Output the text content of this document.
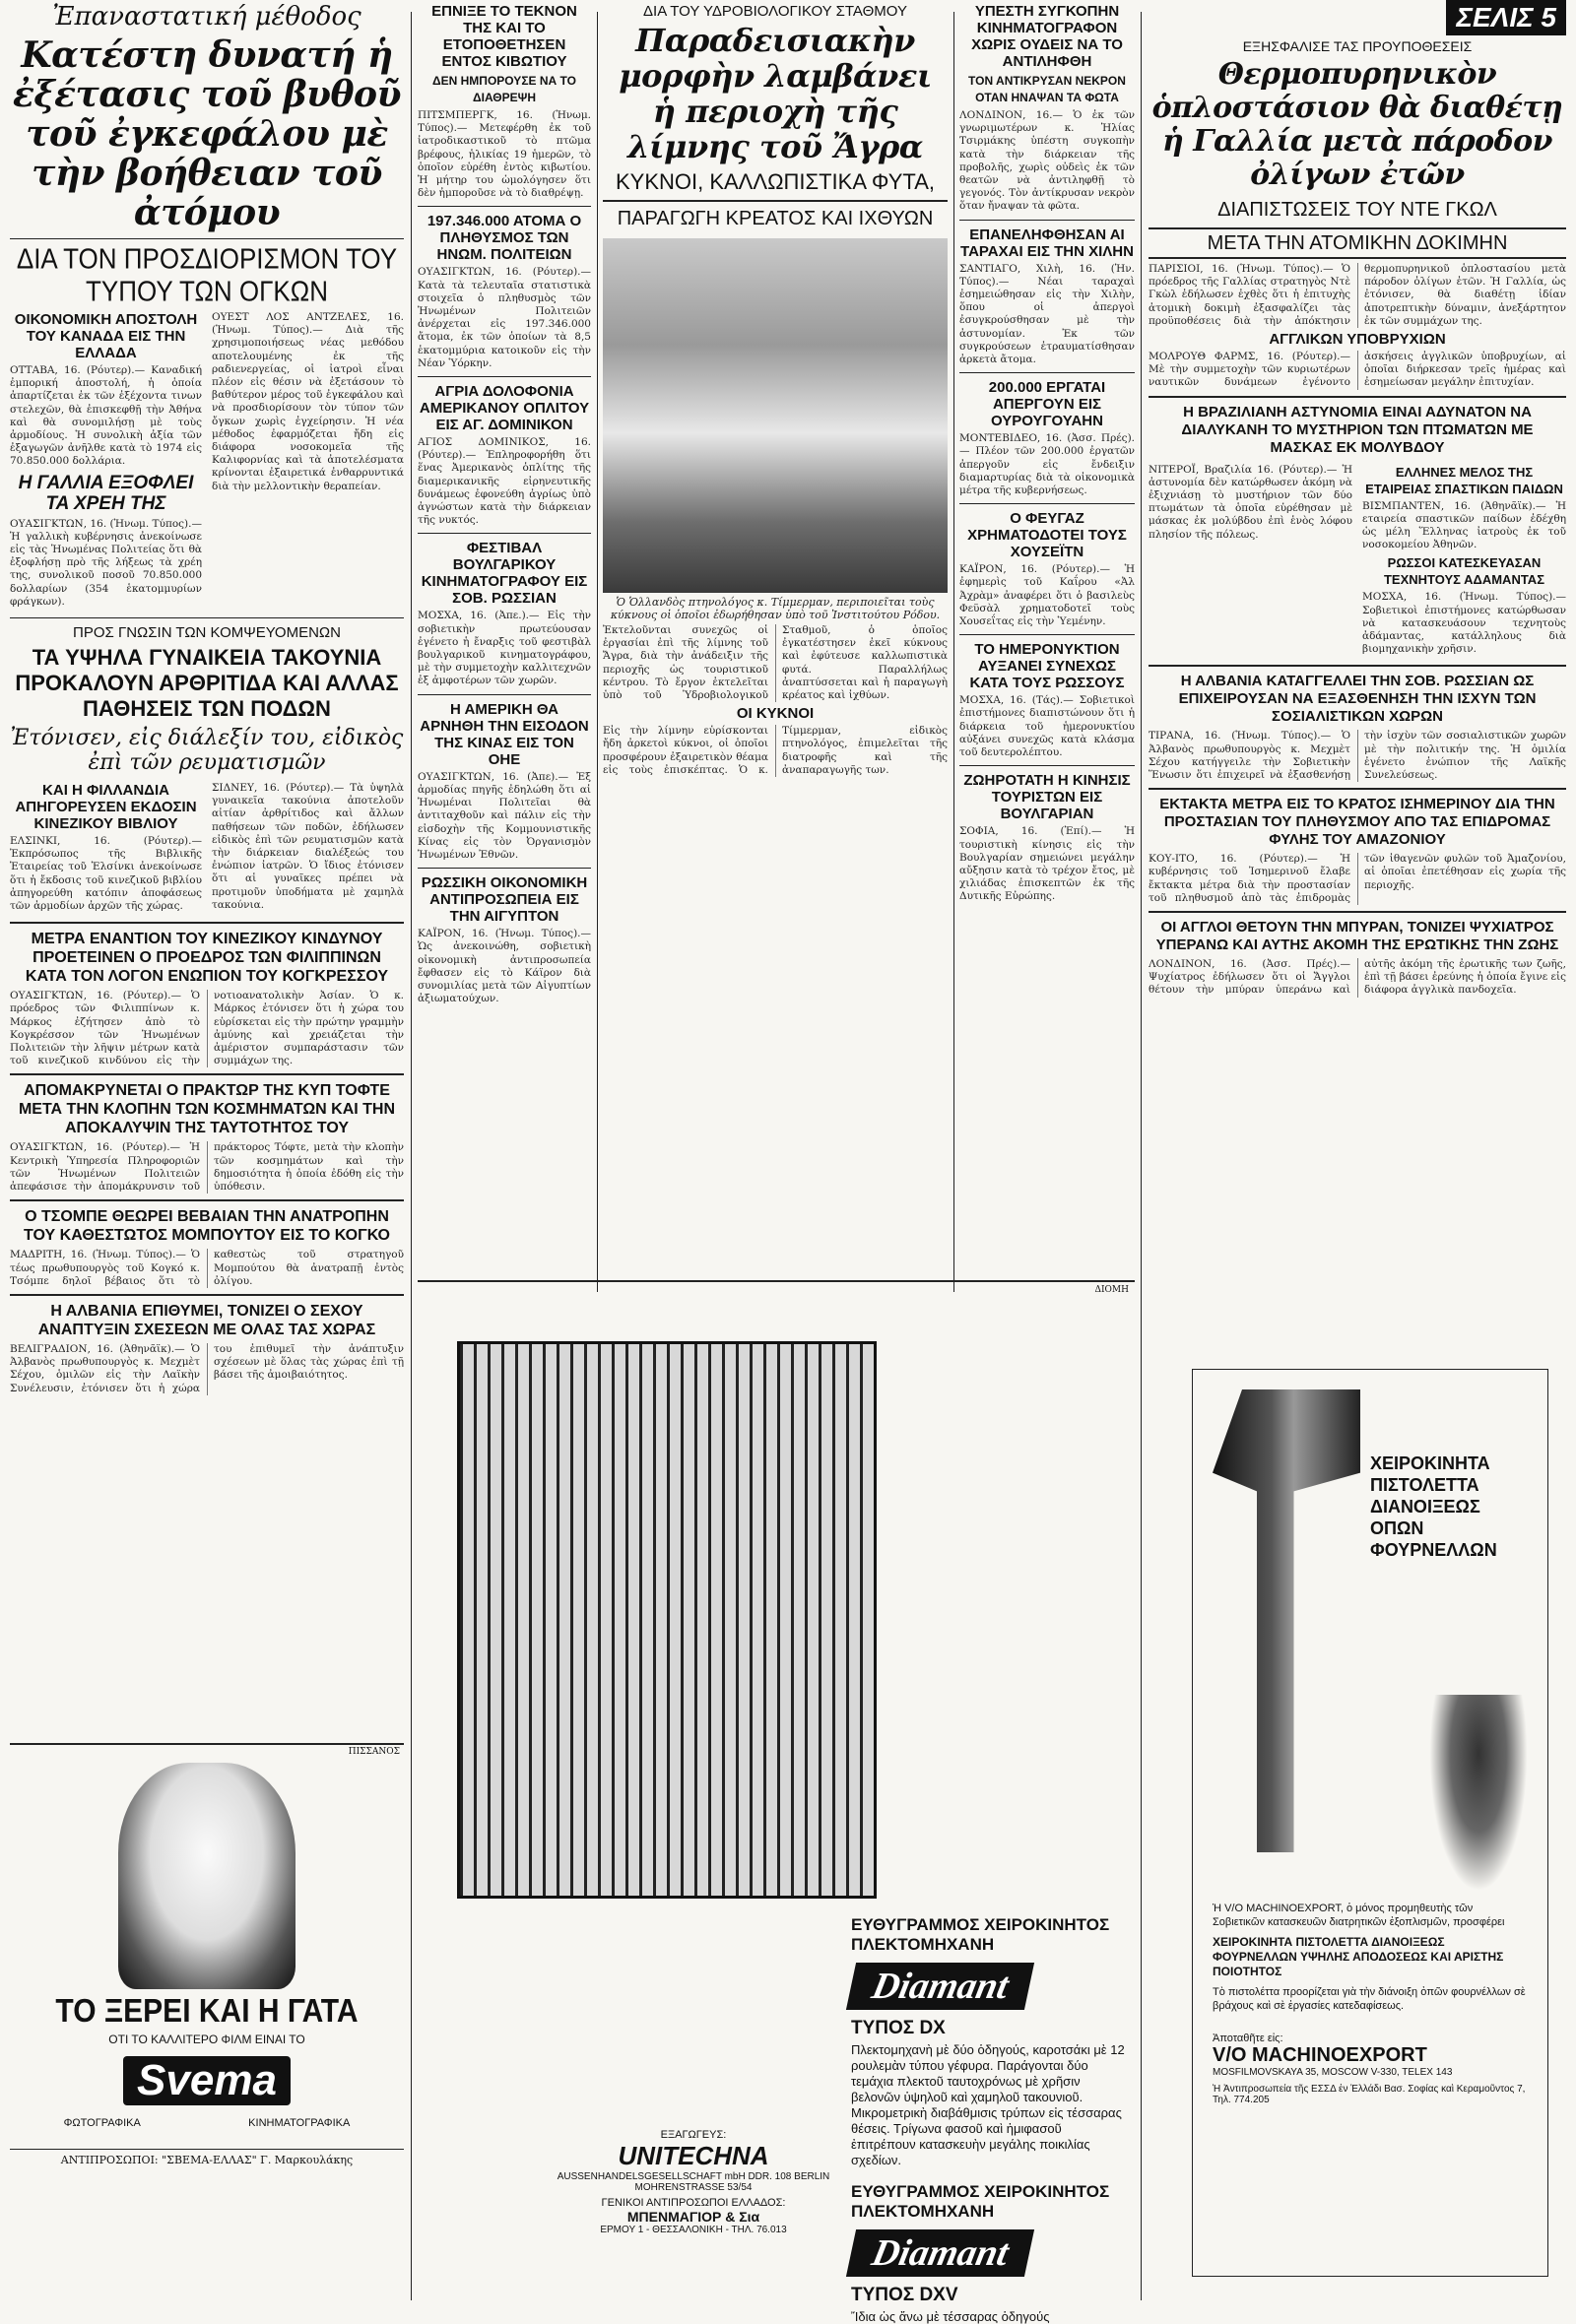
Ἐπαναστατική μέθοδος
Κατέστη δυνατή ἡ ἐξέτασις τοῦ βυθοῦ τοῦ ἐγκεφάλου μὲ τὴν βοήθειαν τοῦ ἀτόμου
ΔΙΑ ΤΟΝ ΠΡΟΣΔΙΟΡΙΣΜΟΝ ΤΟΥ ΤΥΠΟΥ ΤΩΝ ΟΓΚΩΝ
ΟΙΚΟΝΟΜΙΚΗ ΑΠΟΣΤΟΛΗ ΤΟΥ ΚΑΝΑΔΑ ΕΙΣ ΤΗΝ ΕΛΛΑΔΑ
ΟΤΤΑΒΑ, 16. (Ρόυτερ).— Καναδική ἐμπορική ἀποστολή, ἡ ὁποία ἀπαρτίζεται ἐκ τῶν ἐξέχοντα τινων στελεχῶν, θὰ ἐπισκεφθῇ τὴν Ἀθήνα καὶ θὰ συνομιλήσῃ μὲ τοὺς ἀρμοδίους. Ἡ συνολικὴ ἀξία τῶν ἐξαγωγῶν ἀνῆλθε κατὰ τὸ 1974 εἰς 70.850.000 δολλάρια.
Η ΓΑΛΛΙΑ ΕΞΟΦΛΕΙ ΤΑ ΧΡΕΗ ΤΗΣ
ΟΥΑΣΙΓΚΤΩΝ, 16. (Ἡνωμ. Τύπος).— Ἡ γαλλικὴ κυβέρνησις ἀνεκοίνωσε εἰς τὰς Ἡνωμένας Πολιτείας ὅτι θὰ ἐξοφλήσῃ πρὸ τῆς λήξεως τὰ χρέη της, συνολικοῦ ποσοῦ 70.850.000 δολλαρίων (354 ἑκατομμυρίων φράγκων).
ΟΥΕΣΤ ΛΟΣ ΑΝΤΖΕΛΕΣ, 16. (Ἡνωμ. Τύπος).— Διὰ τῆς χρησιμοποιήσεως νέας μεθόδου αποτελουμένης ἐκ τῆς ραδιενεργείας, οἱ ἰατροὶ εἶναι πλέον εἰς θέσιν νὰ ἐξετάσουν τὸ βαθύτερον μέρος τοῦ ἐγκεφάλου καὶ νὰ προσδιορίσουν τὸν τύπον τῶν ὄγκων χωρὶς ἐγχείρησιν. Ἡ νέα μέθοδος ἐφαρμόζεται ἤδη εἰς διάφορα νοσοκομεῖα τῆς Καλιφορνίας καὶ τὰ ἀποτελέσματα κρίνονται ἐξαιρετικά ἐνθαρρυντικά διὰ τὴν μελλοντικὴν θεραπείαν.
ΠΡΟΣ ΓΝΩΣΙΝ ΤΩΝ ΚΟΜΨΕΥΟΜΕΝΩΝ
ΤΑ ΥΨΗΛΑ ΓΥΝΑΙΚΕΙΑ ΤΑΚΟΥΝΙΑ ΠΡΟΚΑΛΟΥΝ ΑΡΘΡΙΤΙΔΑ ΚΑΙ ΑΛΛΑΣ ΠΑΘΗΣΕΙΣ ΤΩΝ ΠΟΔΩΝ
Ἐτόνισεν, εἰς διάλεξίν του, εἰδικὸς ἐπὶ τῶν ρευματισμῶν
ΚΑΙ Η ΦΙΛΛΑΝΔΙΑ ΑΠΗΓΟΡΕΥΣΕΝ ΕΚΔΟΣΙΝ ΚΙΝΕΖΙΚΟΥ ΒΙΒΛΙΟΥ
ΕΛΣΙΝΚΙ, 16. (Ρόυτερ).— Ἐκπρόσωπος τῆς Βιβλικῆς Ἑταιρείας τοῦ Ἑλσίνκι ἀνεκοίνωσε ὅτι ἡ ἔκδοσις τοῦ κινεζικοῦ βιβλίου ἀπηγορεύθη κατόπιν ἀποφάσεως τῶν ἀρμοδίων ἀρχῶν τῆς χώρας.
ΣΙΔΝΕΥ, 16. (Ρόυτερ).— Τὰ ὑψηλὰ γυναικεῖα τακούνια ἀποτελοῦν αἰτίαν ἀρθρίτιδος καὶ ἄλλων παθήσεων τῶν ποδῶν, ἐδήλωσεν εἰδικὸς ἐπὶ τῶν ρευματισμῶν κατὰ τὴν διάρκειαν διαλέξεώς του ἐνώπιον ἰατρῶν. Ὁ ἴδιος ἐτόνισεν ὅτι αἱ γυναῖκες πρέπει νὰ προτιμοῦν ὑποδήματα μὲ χαμηλὰ τακούνια.
ΜΕΤΡΑ ΕΝΑΝΤΙΟΝ ΤΟΥ ΚΙΝΕΖΙΚΟΥ ΚΙΝΔΥΝΟΥ ΠΡΟΕΤΕΙΝΕΝ Ο ΠΡΟΕΔΡΟΣ ΤΩΝ ΦΙΛΙΠΠΙΝΩΝ ΚΑΤΑ ΤΟΝ ΛΟΓΟΝ ΕΝΩΠΙΟΝ ΤΟΥ ΚΟΓΚΡΕΣΣΟΥ
ΟΥΑΣΙΓΚΤΩΝ, 16. (Ρόυτερ).— Ὁ πρόεδρος τῶν Φιλιππίνων κ. Μάρκος ἐζήτησεν ἀπὸ τὸ Κογκρέσσον τῶν Ἡνωμένων Πολιτειῶν τὴν λῆψιν μέτρων κατὰ τοῦ κινεζικοῦ κινδύνου εἰς τὴν νοτιοανατολικὴν Ἀσίαν. Ὁ κ. Μάρκος ἐτόνισεν ὅτι ἡ χώρα του εὑρίσκεται εἰς τὴν πρώτην γραμμὴν ἀμύνης καὶ χρειάζεται τὴν ἀμέριστον συμπαράστασιν τῶν συμμάχων της.
ΑΠΟΜΑΚΡΥΝΕΤΑΙ Ο ΠΡΑΚΤΩΡ ΤΗΣ ΚΥΠ ΤΟΦΤΕ ΜΕΤΑ ΤΗΝ ΚΛΟΠΗΝ ΤΩΝ ΚΟΣΜΗΜΑΤΩΝ ΚΑΙ ΤΗΝ ΑΠΟΚΑΛΥΨΙΝ ΤΗΣ ΤΑΥΤΟΤΗΤΟΣ ΤΟΥ
ΟΥΑΣΙΓΚΤΩΝ, 16. (Ρόυτερ).— Ἡ Κεντρικὴ Ὑπηρεσία Πληροφοριῶν τῶν Ἡνωμένων Πολιτειῶν ἀπεφάσισε τὴν ἀπομάκρυνσιν τοῦ πράκτορος Τόφτε, μετὰ τὴν κλοπὴν τῶν κοσμημάτων καὶ τὴν δημοσιότητα ἡ ὁποία ἐδόθη εἰς τὴν ὑπόθεσιν.
Ο ΤΣΟΜΠΕ ΘΕΩΡΕΙ ΒΕΒΑΙΑΝ ΤΗΝ ΑΝΑΤΡΟΠΗΝ ΤΟΥ ΚΑΘΕΣΤΩΤΟΣ ΜΟΜΠΟΥΤΟΥ ΕΙΣ ΤΟ ΚΟΓΚΟ
ΜΑΔΡΙΤΗ, 16. (Ἡνωμ. Τύπος).— Ὁ τέως πρωθυπουργὸς τοῦ Κογκό κ. Τσόμπε δηλοῖ βέβαιος ὅτι τὸ καθεστὼς τοῦ στρατηγοῦ Μομπούτου θὰ ἀνατραπῇ ἐντὸς ὀλίγου.
Η ΑΛΒΑΝΙΑ ΕΠΙΘΥΜΕΙ, ΤΟΝΙΖΕΙ Ο ΣΕΧΟΥ ΑΝΑΠΤΥΞΙΝ ΣΧΕΣΕΩΝ ΜΕ ΟΛΑΣ ΤΑΣ ΧΩΡΑΣ
ΒΕΛΙΓΡΑΔΙΟΝ, 16. (Ἀθηνᾶϊκ).— Ὁ Ἀλβανὸς πρωθυπουργὸς κ. Μεχμὲτ Σέχου, ὁμιλῶν εἰς τὴν Λαϊκὴν Συνέλευσιν, ἐτόνισεν ὅτι ἡ χώρα του ἐπιθυμεῖ τὴν ἀνάπτυξιν σχέσεων μὲ ὅλας τὰς χώρας ἐπὶ τῇ βάσει τῆς ἀμοιβαιότητος.
ΠΙΣΣΑΝΟΣ
ΤΟ ΞΕΡΕΙ ΚΑΙ Η ΓΑΤΑ
ΟΤΙ ΤΟ ΚΑΛΛΙΤΕΡΟ ΦΙΛΜ ΕΙΝΑΙ ΤΟ
Svema
ΦΩΤΟΓΡΑΦΙΚΑ	ΚΙΝΗΜΑΤΟΓΡΑΦΙΚΑ
ΑΝΤΙΠΡΟΣΩΠΟΙ: "ΣΒΕΜΑ-ΕΛΛΑΣ" Γ. Μαρκουλάκης
ΕΠΝΙΞΕ ΤΟ ΤΕΚΝΟΝ ΤΗΣ ΚΑΙ ΤΟ ΕΤΟΠΟΘΕΤΗΣΕΝ ΕΝΤΟΣ ΚΙΒΩΤΙΟΥ
ΔΕΝ ΗΜΠΟΡΟΥΣΕ ΝΑ ΤΟ ΔΙΑΘΡΕΨΗ
ΠΙΤΣΜΠΕΡΓΚ, 16. (Ἡνωμ. Τύπος).— Μετεφέρθη ἐκ τοῦ ἰατροδικαστικοῦ τὸ πτῶμα βρέφους, ἡλικίας 19 ἡμερῶν, τὸ ὁποῖον εὑρέθη ἐντὸς κιβωτίου. Ἡ μήτηρ του ὡμολόγησεν ὅτι δὲν ἠμποροῦσε νὰ τὸ διαθρέψῃ.
197.346.000 ΑΤΟΜΑ Ο ΠΛΗΘΥΣΜΟΣ ΤΩΝ ΗΝΩΜ. ΠΟΛΙΤΕΙΩΝ
ΟΥΑΣΙΓΚΤΩΝ, 16. (Ρόυτερ).— Κατὰ τὰ τελευταῖα στατιστικὰ στοιχεῖα ὁ πληθυσμὸς τῶν Ἡνωμένων Πολιτειῶν ἀνέρχεται εἰς 197.346.000 ἄτομα, ἐκ τῶν ὁποίων τὰ 8,5 ἑκατομμύρια κατοικοῦν εἰς τὴν Νέαν Ὑόρκην.
ΑΓΡΙΑ ΔΟΛΟΦΟΝΙΑ ΑΜΕΡΙΚΑΝΟΥ ΟΠΛΙΤΟΥ ΕΙΣ ΑΓ. ΔΟΜΙΝΙΚΟΝ
ΑΓΙΟΣ ΔΟΜΙΝΙΚΟΣ, 16. (Ρόυτερ).— Ἐπληροφορήθη ὅτι ἕνας Ἀμερικανὸς ὁπλίτης τῆς διαμερικανικῆς εἰρηνευτικῆς δυνάμεως ἐφονεύθη ἀγρίως ὑπὸ ἀγνώστων κατὰ τὴν διάρκειαν τῆς νυκτός.
ΦΕΣΤΙΒΑΛ ΒΟΥΛΓΑΡΙΚΟΥ ΚΙΝΗΜΑΤΟΓΡΑΦΟΥ ΕΙΣ ΣΟΒ. ΡΩΣΣΙΑΝ
ΜΟΣΧΑ, 16. (Ἀπε.).— Εἰς τὴν σοβιετικὴν πρωτεύουσαν ἐγένετο ἡ ἔναρξις τοῦ φεστιβὰλ βουλγαρικοῦ κινηματογράφου, μὲ τὴν συμμετοχὴν καλλιτεχνῶν ἐξ ἀμφοτέρων τῶν χωρῶν.
Η ΑΜΕΡΙΚΗ ΘΑ ΑΡΝΗΘΗ ΤΗΝ ΕΙΣΟΔΟΝ ΤΗΣ ΚΙΝΑΣ ΕΙΣ ΤΟΝ ΟΗΕ
ΟΥΑΣΙΓΚΤΩΝ, 16. (Ἀπε).— Ἐξ ἀρμοδίας πηγῆς ἐδηλώθη ὅτι αἱ Ἡνωμέναι Πολιτεῖαι θὰ ἀντιταχθοῦν καὶ πάλιν εἰς τὴν εἰσδοχὴν τῆς Κομμουνιστικῆς Κίνας εἰς τὸν Ὀργανισμὸν Ἡνωμένων Ἐθνῶν.
ΡΩΣΣΙΚΗ ΟΙΚΟΝΟΜΙΚΗ ΑΝΤΙΠΡΟΣΩΠΕΙΑ ΕΙΣ ΤΗΝ ΑΙΓΥΠΤΟΝ
ΚΑΪΡΟΝ, 16. (Ἡνωμ. Τύπος).— Ὡς ἀνεκοινώθη, σοβιετικὴ οἰκονομικὴ ἀντιπροσωπεία ἔφθασεν εἰς τὸ Κάϊρον διὰ συνομιλίας μετὰ τῶν Αἰγυπτίων ἀξιωματούχων.
ΔΙΑ ΤΟΥ ΥΔΡΟΒΙΟΛΟΓΙΚΟΥ ΣΤΑΘΜΟΥ
Παραδεισιακὴν μορφὴν λαμβάνει ἡ περιοχὴ τῆς λίμνης τοῦ Ἄγρα
ΚΥΚΝΟΙ, ΚΑΛΛΩΠΙΣΤΙΚΑ ΦΥΤΑ,
ΠΑΡΑΓΩΓΗ ΚΡΕΑΤΟΣ ΚΑΙ ΙΧΘΥΩΝ
Ὁ Ὁλλανδὸς πτηνολόγος κ. Τίμμερμαν, περιποιεῖται τοὺς κύκνους οἱ ὁποῖοι ἐδωρήθησαν ὑπὸ τοῦ Ἰνστιτούτου Ρόδου.
Ἐκτελοῦνται συνεχῶς οἱ ἐργασίαι ἐπὶ τῆς λίμνης τοῦ Ἄγρα, διὰ τὴν ἀνάδειξιν τῆς περιοχῆς ὡς τουριστικοῦ κέντρου. Τὸ ἔργον ἐκτελεῖται ὑπὸ τοῦ Ὑδροβιολογικοῦ Σταθμοῦ, ὁ ὁποῖος ἐγκατέστησεν ἐκεῖ κύκνους καὶ ἐφύτευσε καλλωπιστικὰ φυτά. Παραλλήλως ἀναπτύσσεται καὶ ἡ παραγωγὴ κρέατος καὶ ἰχθύων.
ΟΙ ΚΥΚΝΟΙ
Εἰς τὴν λίμνην εὑρίσκονται ἤδη ἀρκετοὶ κύκνοι, οἱ ὁποῖοι προσφέρουν ἐξαιρετικὸν θέαμα εἰς τοὺς ἐπισκέπτας. Ὁ κ. Τίμμερμαν, εἰδικὸς πτηνολόγος, ἐπιμελεῖται τῆς διατροφῆς καὶ τῆς ἀναπαραγωγῆς των.
ΥΠΕΣΤΗ ΣΥΓΚΟΠΗΝ ΚΙΝΗΜΑΤΟΓΡΑΦΟΝ ΧΩΡΙΣ ΟΥΔΕΙΣ ΝΑ ΤΟ ΑΝΤΙΛΗΦΘΗ
ΤΟΝ ΑΝΤΙΚΡΥΣΑΝ ΝΕΚΡΟΝ ΟΤΑΝ ΗΝΑΨΑΝ ΤΑ ΦΩΤΑ
ΛΟΝΔΙΝΟΝ, 16.— Ὁ ἐκ τῶν γνωριμωτέρων κ. Ἡλίας Τσιρμάκης ὑπέστη συγκοπὴν κατὰ τὴν διάρκειαν τῆς προβολῆς, χωρὶς οὐδεὶς ἐκ τῶν θεατῶν νὰ ἀντιληφθῇ τὸ γεγονός. Τὸν ἀντίκρυσαν νεκρὸν ὅταν ἤναψαν τὰ φῶτα.
ΕΠΑΝΕΛΗΦΘΗΣΑΝ ΑΙ ΤΑΡΑΧΑΙ ΕΙΣ ΤΗΝ ΧΙΛΗΝ
ΣΑΝΤΙΑΓΟ, Χιλὴ, 16. (Ἡν. Τύπος).— Νέαι ταραχαὶ ἐσημειώθησαν εἰς τὴν Χιλὴν, ὅπου οἱ ἀπεργοὶ ἐσυγκρούσθησαν μὲ τὴν ἀστυνομίαν. Ἐκ τῶν συγκρούσεων ἐτραυματίσθησαν ἀρκετὰ ἄτομα.
200.000 ΕΡΓΑΤΑΙ ΑΠΕΡΓΟΥΝ ΕΙΣ ΟΥΡΟΥΓΟΥΑΗΝ
ΜΟΝΤΕΒΙΔΕΟ, 16. (Ἀσσ. Πρές).— Πλέον τῶν 200.000 ἐργατῶν ἀπεργοῦν εἰς ἔνδειξιν διαμαρτυρίας διὰ τὰ οἰκονομικὰ μέτρα τῆς κυβερνήσεως.
Ο ΦΕΥΓΑΖ ΧΡΗΜΑΤΟΔΟΤΕΙ ΤΟΥΣ ΧΟΥΣΕΪΤΝ
ΚΑΪΡΟΝ, 16. (Ρόυτερ).— Ἡ ἐφημερὶς τοῦ Καΐρου «Ἀλ Ἀχρὰμ» ἀναφέρει ὅτι ὁ βασιλεὺς Φεϋσὰλ χρηματοδοτεῖ τοὺς Χουσεΐτας εἰς τὴν Ὑεμένην.
ΤΟ ΗΜΕΡΟΝΥΚΤΙΟΝ ΑΥΞΑΝΕΙ ΣΥΝΕΧΩΣ ΚΑΤΑ ΤΟΥΣ ΡΩΣΣΟΥΣ
ΜΟΣΧΑ, 16. (Τάς).— Σοβιετικοὶ ἐπιστήμονες διαπιστώνουν ὅτι ἡ διάρκεια τοῦ ἡμερονυκτίου αὐξάνει συνεχῶς κατὰ κλάσμα τοῦ δευτερολέπτου.
ΖΩΗΡΟΤΑΤΗ Η ΚΙΝΗΣΙΣ ΤΟΥΡΙΣΤΩΝ ΕΙΣ ΒΟΥΛΓΑΡΙΑΝ
ΣΟΦΙΑ, 16. (Ἐπί).— Ἡ τουριστικὴ κίνησις εἰς τὴν Βουλγαρίαν σημειώνει μεγάλην αὔξησιν κατὰ τὸ τρέχον ἔτος, μὲ χιλιάδας ἐπισκεπτῶν ἐκ τῆς Δυτικῆς Εὐρώπης.
ΔΙΟΜΗ
ΕΥΘΥΓΡΑΜΜΟΣ ΧΕΙΡΟΚΙΝΗΤΟΣ ΠΛΕΚΤΟΜΗΧΑΝΗ
Diamant
ΤΥΠΟΣ DX
Πλεκτομηχανὴ μὲ δύο ὁδηγούς, καροτσάκι μὲ 12 ρουλεμὰν τύπου γέφυρα. Παράγονται δύο τεμάχια πλεκτοῦ ταυτοχρόνως μὲ χρῆσιν βελονῶν ὑψηλοῦ καὶ χαμηλοῦ τακουνιοῦ. Μικρομετρικὴ διαβάθμισις τρύπων εἰς τέσσαρας θέσεις. Τρίγωνα φασοῦ καὶ ἡμιφασοῦ ἐπιτρέπουν κατασκευὴν μεγάλης ποικιλίας σχεδίων.
ΕΥΘΥΓΡΑΜΜΟΣ ΧΕΙΡΟΚΙΝΗΤΟΣ ΠΛΕΚΤΟΜΗΧΑΝΗ
Diamant
ΤΥΠΟΣ DXV
Ἴδια ὡς ἄνω μὲ τέσσαρας ὁδηγούς
ΕΞΑΓΩΓΕΥΣ:
UNITECHNA
AUSSENHANDELSGESELLSCHAFT mbH DDR. 108 BERLIN MOHRENSTRASSE 53/54
ΓΕΝΙΚΟΙ ΑΝΤΙΠΡΟΣΩΠΟΙ ΕΛΛΑΔΟΣ:
ΜΠΕΝΜΑΓΙΟΡ & Σια
ΕΡΜΟΥ 1 - ΘΕΣΣΑΛΟΝΙΚΗ - ΤΗΛ. 76.013
ΣΕΛΙΣ 5
ΕΞΗΣΦΑΛΙΣΕ ΤΑΣ ΠΡΟΥΠΟΘΕΣΕΙΣ
Θερμοπυρηνικὸν ὁπλοστάσιον θὰ διαθέτῃ ἡ Γαλλία μετὰ πάροδον ὀλίγων ἐτῶν
ΔΙΑΠΙΣΤΩΣΕΙΣ ΤΟΥ ΝΤΕ ΓΚΩΛ
ΜΕΤΑ ΤΗΝ ΑΤΟΜΙΚΗΝ ΔΟΚΙΜΗΝ
ΠΑΡΙΣΙΟΙ, 16. (Ἡνωμ. Τύπος).— Ὁ πρόεδρος τῆς Γαλλίας στρατηγὸς Ντὲ Γκὼλ ἐδήλωσεν ἐχθὲς ὅτι ἡ ἐπιτυχὴς ἀτομικὴ δοκιμὴ ἐξασφαλίζει τὰς προϋποθέσεις διὰ τὴν ἀπόκτησιν θερμοπυρηνικοῦ ὁπλοστασίου μετὰ πάροδον ὀλίγων ἐτῶν. Ἡ Γαλλία, ὡς ἐτόνισεν, θὰ διαθέτῃ ἰδίαν ἀποτρεπτικὴν δύναμιν, ἀνεξάρτητον ἐκ τῶν συμμάχων της.
ΑΓΓΛΙΚΩΝ ΥΠΟΒΡΥΧΙΩΝ
ΜΟΛΡΟΥΘ ΦΑΡΜΣ, 16. (Ρόυτερ).— Μὲ τὴν συμμετοχὴν τῶν κυριωτέρων ναυτικῶν δυνάμεων ἐγένοντο ἀσκήσεις ἀγγλικῶν ὑποβρυχίων, αἱ ὁποῖαι διήρκεσαν τρεῖς ἡμέρας καὶ ἐσημείωσαν μεγάλην ἐπιτυχίαν.
Η ΒΡΑΖΙΛΙΑΝΗ ΑΣΤΥΝΟΜΙΑ ΕΙΝΑΙ ΑΔΥΝΑΤΟΝ ΝΑ ΔΙΑΛΥΚΑΝΗ ΤΟ ΜΥΣΤΗΡΙΟΝ ΤΩΝ ΠΤΩΜΑΤΩΝ ΜΕ ΜΑΣΚΑΣ ΕΚ ΜΟΛΥΒΔΟΥ
ΝΙΤΕΡΟΪ, Βραζιλία 16. (Ρόυτερ).— Ἡ ἀστυνομία δὲν κατώρθωσεν ἀκόμη νὰ ἐξιχνιάσῃ τὸ μυστήριον τῶν δύο πτωμάτων τὰ ὁποῖα εὑρέθησαν μὲ μάσκας ἐκ μολύβδου ἐπὶ ἑνὸς λόφου πλησίον τῆς πόλεως.
ΕΛΛΗΝΕΣ ΜΕΛΟΣ ΤΗΣ ΕΤΑΙΡΕΙΑΣ ΣΠΑΣΤΙΚΩΝ ΠΑΙΔΩΝ
ΒΙΣΜΠΑΝΤΕΝ, 16. (Ἀθηνᾶϊκ).— Ἡ εταιρεία σπαστικῶν παίδων ἐδέχθη ὡς μέλη Ἕλληνας ἰατροὺς ἐκ τοῦ νοσοκομείου Ἀθηνῶν.
ΡΩΣΣΟΙ ΚΑΤΕΣΚΕΥΑΣΑΝ ΤΕΧΝΗΤΟΥΣ ΑΔΑΜΑΝΤΑΣ
ΜΟΣΧΑ, 16. (Ἡνωμ. Τύπος).— Σοβιετικοὶ ἐπιστήμονες κατώρθωσαν νὰ κατασκευάσουν τεχνητοὺς ἀδάμαντας, κατάλληλους διὰ βιομηχανικὴν χρῆσιν.
Η ΑΛΒΑΝΙΑ ΚΑΤΑΓΓΕΛΛΕΙ ΤΗΝ ΣΟΒ. ΡΩΣΣΙΑΝ ΩΣ ΕΠΙΧΕΙΡΟΥΣΑΝ ΝΑ ΕΞΑΣΘΕΝΗΣΗ ΤΗΝ ΙΣΧΥΝ ΤΩΝ ΣΟΣΙΑΛΙΣΤΙΚΩΝ ΧΩΡΩΝ
ΤΙΡΑΝΑ, 16. (Ἡνωμ. Τύπος).— Ὁ Ἀλβανὸς πρωθυπουργὸς κ. Μεχμὲτ Σέχου κατήγγειλε τὴν Σοβιετικὴν Ἕνωσιν ὅτι ἐπιχειρεῖ νὰ ἐξασθενήσῃ τὴν ἰσχὺν τῶν σοσιαλιστικῶν χωρῶν μὲ τὴν πολιτικήν της. Ἡ ὁμιλία ἐγένετο ἐνώπιον τῆς Λαϊκῆς Συνελεύσεως.
ΕΚΤΑΚΤΑ ΜΕΤΡΑ ΕΙΣ ΤΟ ΚΡΑΤΟΣ ΙΣΗΜΕΡΙΝΟΥ ΔΙΑ ΤΗΝ ΠΡΟΣΤΑΣΙΑΝ ΤΟΥ ΠΛΗΘΥΣΜΟΥ ΑΠΟ ΤΑΣ ΕΠΙΔΡΟΜΑΣ ΦΥΛΗΣ ΤΟΥ ΑΜΑΖΟΝΙΟΥ
ΚΟΥ-ΙΤΟ, 16. (Ρόυτερ).— Ἡ κυβέρνησις τοῦ Ἰσημερινοῦ ἔλαβε ἔκτακτα μέτρα διὰ τὴν προστασίαν τοῦ πληθυσμοῦ ἀπὸ τὰς ἐπιδρομὰς τῶν ἰθαγενῶν φυλῶν τοῦ Ἀμαζονίου, αἱ ὁποῖαι ἐπετέθησαν εἰς χωρία τῆς περιοχῆς.
ΟΙ ΑΓΓΛΟΙ ΘΕΤΟΥΝ ΤΗΝ ΜΠΥΡΑΝ, ΤΟΝΙΖΕΙ ΨΥΧΙΑΤΡΟΣ ΥΠΕΡΑΝΩ ΚΑΙ ΑΥΤΗΣ ΑΚΟΜΗ ΤΗΣ ΕΡΩΤΙΚΗΣ ΤΗΝ ΖΩΗΣ
ΛΟΝΔΙΝΟΝ, 16. (Ἀσσ. Πρές).— Ψυχίατρος ἐδήλωσεν ὅτι οἱ Ἄγγλοι θέτουν τὴν μπύραν ὑπεράνω καὶ αὐτῆς ἀκόμη τῆς ἐρωτικῆς των ζωῆς, ἐπὶ τῇ βάσει ἐρεύνης ἡ ὁποία ἔγινε εἰς διάφορα ἀγγλικὰ πανδοχεῖα.
ΧΕΙΡΟΚΙΝΗΤΑ ΠΙΣΤΟΛΕΤΤΑ ΔΙΑΝΟΙΞΕΩΣ ΟΠΩΝ ΦΟΥΡΝΕΛΛΩΝ
Ἡ V/O MACHINOEXPORT, ὁ μόνος προμηθευτὴς τῶν Σοβιετικῶν κατασκευῶν διατρητικῶν ἐξοπλισμῶν, προσφέρει
ΧΕΙΡΟΚΙΝΗΤΑ ΠΙΣΤΟΛΕΤΤΑ ΔΙΑΝΟΙΞΕΩΣ ΦΟΥΡΝΕΛΛΩΝ ΥΨΗΛΗΣ ΑΠΟΔΟΣΕΩΣ ΚΑΙ ΑΡΙΣΤΗΣ ΠΟΙΟΤΗΤΟΣ
Τὸ πιστολέττα προορίζεται γιὰ τὴν διάνοιξη ὀπῶν φουρνέλλων σὲ βράχους καὶ σὲ ἐργασίες κατεδαφίσεως.
Ἀποταθῆτε εἰς:
V/O MACHINOEXPORT
MOSFILMOVSKAYA 35, MOSCOW V-330, TELEX 143
Ἡ Ἀντιπροσωπεία τῆς ΕΣΣΔ ἐν Ἑλλάδι Βασ. Σοφίας καὶ Κεραμοῦντος 7, Τηλ. 774.205
